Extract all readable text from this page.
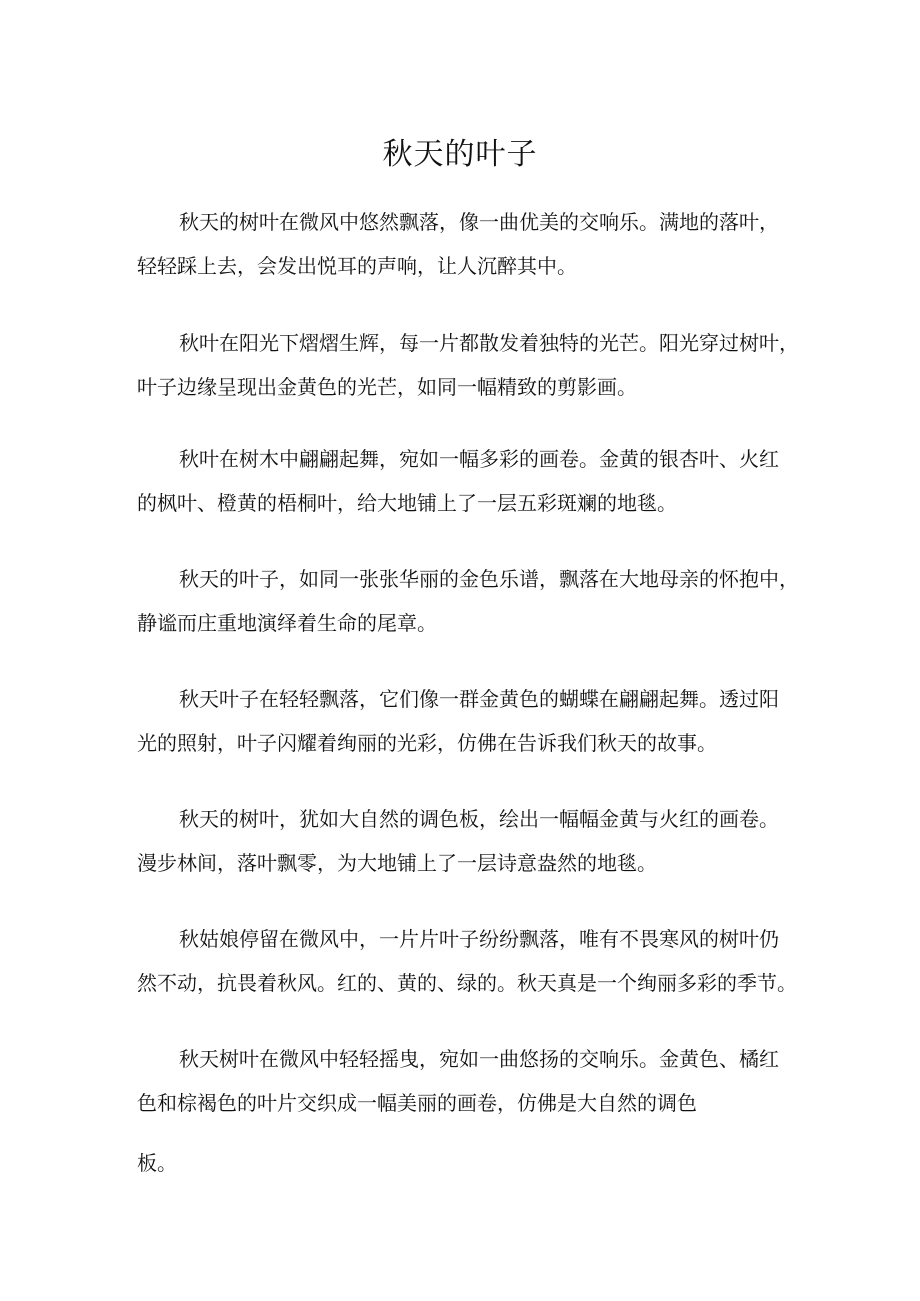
秋天的叶子
秋天的树叶在微风中悠然飘落，像一曲优美的交响乐。满地的落叶，
轻轻踩上去，会发出悦耳的声响，让人沉醉其中。
秋叶在阳光下熠熠生辉，每一片都散发着独特的光芒。阳光穿过树叶，
叶子边缘呈现出金黄色的光芒，如同一幅精致的剪影画。
秋叶在树木中翩翩起舞，宛如一幅多彩的画卷。金黄的银杏叶、火红
的枫叶、橙黄的梧桐叶，给大地铺上了一层五彩斑斓的地毯。
秋天的叶子，如同一张张华丽的金色乐谱，飘落在大地母亲的怀抱中，
静谧而庄重地演绎着生命的尾章。
秋天叶子在轻轻飘落，它们像一群金黄色的蝴蝶在翩翩起舞。透过阳
光的照射，叶子闪耀着绚丽的光彩，仿佛在告诉我们秋天的故事。
秋天的树叶，犹如大自然的调色板，绘出一幅幅金黄与火红的画卷。
漫步林间，落叶飘零，为大地铺上了一层诗意盎然的地毯。
秋姑娘停留在微风中，一片片叶子纷纷飘落，唯有不畏寒风的树叶仍
然不动，抗畏着秋风。红的、黄的、绿的。秋天真是一个绚丽多彩的季节。
秋天树叶在微风中轻轻摇曳，宛如一曲悠扬的交响乐。金黄色、橘红
色和棕褐色的叶片交织成一幅美丽的画卷，仿佛是大自然的调色
板。
